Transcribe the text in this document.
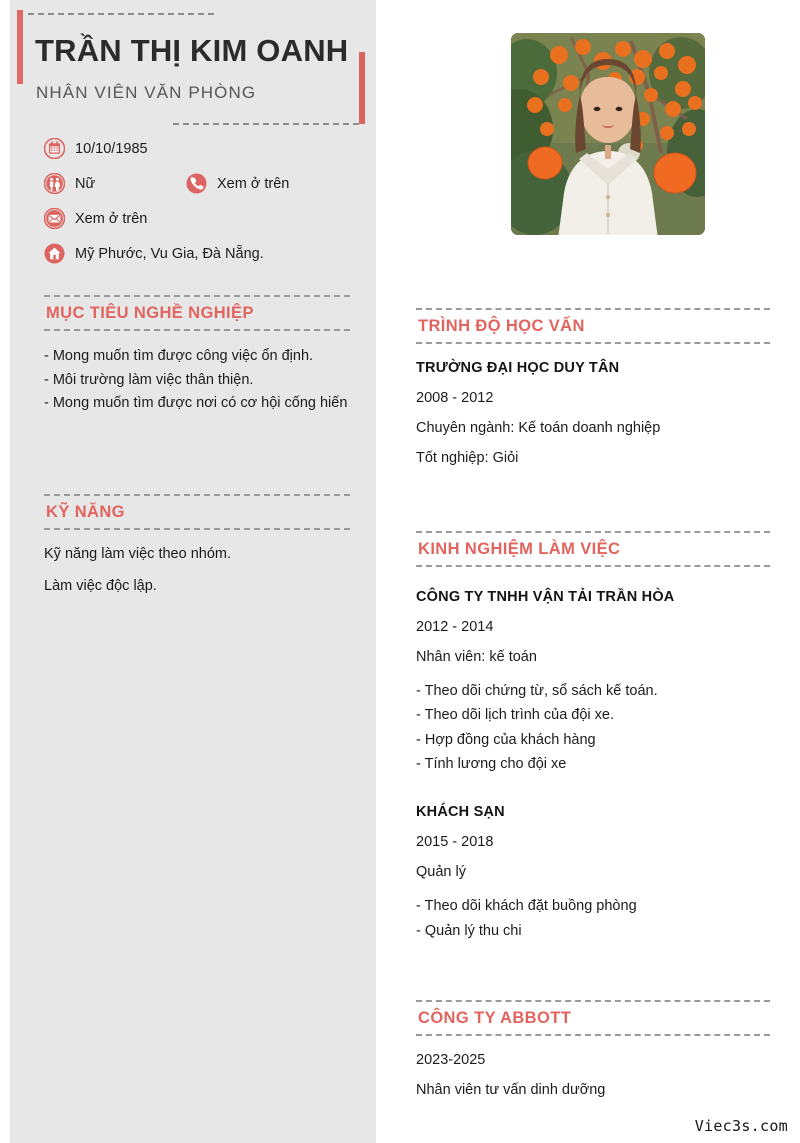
TRẦN THỊ KIM OANH
NHÂN VIÊN VĂN PHÒNG
10/10/1985
Nữ	Xem ở trên
Xem ở trên
Mỹ Phước, Vu Gia, Đà Nẵng.
MỤC TIÊU NGHỀ NGHIỆP

- Mong muốn tìm được công việc ổn định.

- Môi trường làm việc thân thiện.

- Mong muốn tìm được nơi có cơ hội cống hiến

KỸ NĂNG

Kỹ năng làm việc theo nhóm.

Làm việc độc lập.

TRÌNH ĐỘ HỌC VẤN
TRƯỜNG ĐẠI HỌC DUY TÂN
2008 - 2012
Chuyên ngành: Kế toán doanh nghiệp
Tốt nghiệp: Giỏi
KINH NGHIỆM LÀM VIỆC
CÔNG TY TNHH VẬN TẢI TRẦN HÒA
2012 - 2014
Nhân viên: kế toán

- Theo dõi chứng từ, sổ sách kế toán.

- Theo dõi lịch trình của đội xe.

- Hợp đồng của khách hàng

- Tính lương cho đội xe

KHÁCH SẠN
2015 - 2018
Quản lý

- Theo dõi khách đặt buồng phòng

- Quản lý thu chi

CÔNG TY ABBOTT
2023-2025
Nhân viên tư vấn dinh dưỡng
Viec3s.com
